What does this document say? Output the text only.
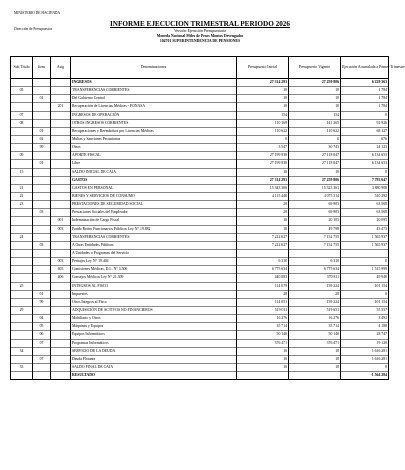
MINISTERIO DE HACIENDA
Dirección de Presupuestos
INFORME EJECUCION TRIMESTRAL PERIODO 2026
Versión: Ejecución Presupuestaria
Moneda Nacional Miles de Pesos Montos Devengados
104701 SUPERINTENDENCIA DE PENSIONES
Sub Título	Item	Asig	Denominaciones	Presupuesto Inicial	Presupuesto Vigente	Ejecución Acumulada a Primer Trimestre
			INGRESOS	27 314 293	27 259 806	6 229 363
05			TRANSFERENCIAS CORRIENTES	10	10	1 784
	01		Del Gobierno Central	10	10	1 784
		201	Recuperación de Licencias Médicas - FONASA	10	10	1 784
07			INGRESOS DE OPERACIÓN	154	154	0
08			OTROS INGRESOS CORRIENTES	110 169	141 265	92 926
	01		Recuperaciones y Reembolsos por Licencias Médicas	110 622	110 622	68 127
	02		Multas y Sanciones Pecuniarias	0	0	676
	99		Otros	3 547	30 743	24 123
09			APORTE FISCAL	27 199 930	27 118 047	6 134 653
	01		Libre	27 199 930	27 118 047	6 134 653
15			SALDO INICIAL DE CAJA	10	10	0
			GASTOS	27 314 293	27 259 806	7 793 647
21			GASTOS EN PERSONAL	15 343 306	15 323 361	3 880 908
22			BIENES Y SERVICIOS DE CONSUMO	4 115 440	4 075 314	510 292
23			PRESTACIONES DE SEGURIDAD SOCIAL	20	69 903	63 568
	03		Prestaciones Sociales del Empleador	20	69 903	63 568
		001	Indemnización de Cargo Fiscal	10	20 105	20 095
		003	Fondo Retiro Funcionarios Públicos Ley N° 19.882	10	49 798	43 473
24			TRANSFERENCIAS CORRIENTES	7 222 027	7 152 755	1 565 937
	03		A Otras Entidades Públicas	7 222 027	7 152 755	1 565 937
			A Unidades o Programas del Servicio			
		003	Peritajes Ley N° 19.404	6 310	6 310	0
		405	Comisiones Médicas, D.L. N° 3.500	6 775 634	6 775 634	1 515 999
		406	Consejos Médicos Ley N° 21.309	440 083	370 811	49 940
25			INTEGROS AL FISCO	114 079	139 224	101 154
	01		Impuestos	28	28	0
	99		Otros Integros al Fisco	114 051	139 224	101 154
29			ADQUISICIÓN DE ACTIVOS NO FINANCIEROS	519 011	519 651	55 557
	04		Mobiliario y Otros	16 276	16 276	3 492
	05		Máquinas y Equipos	35 714	35 714	4 188
	06		Equipos Informáticos	50 140	50 140	28 747
	07		Programas Informáticos	376 471	376 471	19 120
34			SERVICIO DE LA DEUDA	10	10	1 616 281
	07		Deuda Flotante	10	10	1 616 281
35			SALDO FINAL DE CAJA	10	10	0
			RESULTADO			-1 564 284
